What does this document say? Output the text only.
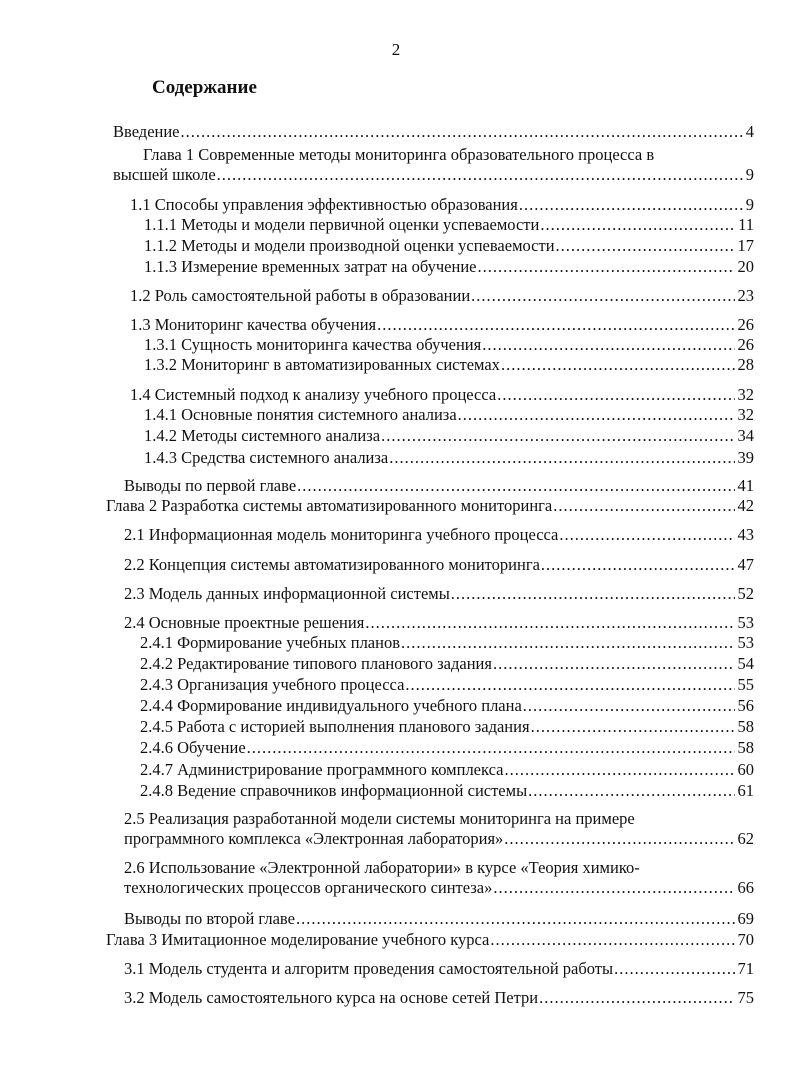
2
Содержание
Введение .....	4
Глава 1 Современные методы мониторинга образовательного процесса в
высшей школе .....	9
1.1 Способы управления эффективностью образования .....	9
1.1.1 Методы и модели первичной оценки успеваемости .....	11
1.1.2 Методы и модели производной оценки успеваемости .....	17
1.1.3 Измерение временных затрат на обучение .....	20
1.2 Роль самостоятельной работы в образовании .....	23
1.3 Мониторинг качества обучения .....	26
1.3.1 Сущность мониторинга качества обучения .....	26
1.3.2 Мониторинг в автоматизированных системах .....	28
1.4 Системный подход к анализу учебного процесса .....	32
1.4.1 Основные понятия системного анализа .....	32
1.4.2 Методы системного анализа .....	34
1.4.3 Средства системного анализа .....	39
Выводы по первой главе .....	41
Глава 2 Разработка системы автоматизированного мониторинга .....	42
2.1 Информационная модель мониторинга учебного процесса .....	43
2.2 Концепция системы автоматизированного мониторинга .....	47
2.3 Модель данных информационной системы .....	52
2.4 Основные проектные решения .....	53
2.4.1 Формирование учебных планов .....	53
2.4.2 Редактирование типового планового задания .....	54
2.4.3 Организация учебного процесса .....	55
2.4.4 Формирование индивидуального учебного плана .....	56
2.4.5 Работа с историей выполнения планового задания .....	58
2.4.6 Обучение .....	58
2.4.7 Администрирование программного комплекса .....	60
2.4.8 Ведение справочников информационной системы .....	61
2.5 Реализация разработанной модели системы мониторинга на примере
программного комплекса «Электронная лаборатория» .....	62
2.6 Использование «Электронной лаборатории» в курсе «Теория химико-
технологических процессов органического синтеза» .....	66
Выводы по второй главе .....	69
Глава 3 Имитационное моделирование учебного курса .....	70
3.1 Модель студента и алгоритм проведения самостоятельной работы .....	71
3.2 Модель самостоятельного курса на основе сетей Петри .....	75
